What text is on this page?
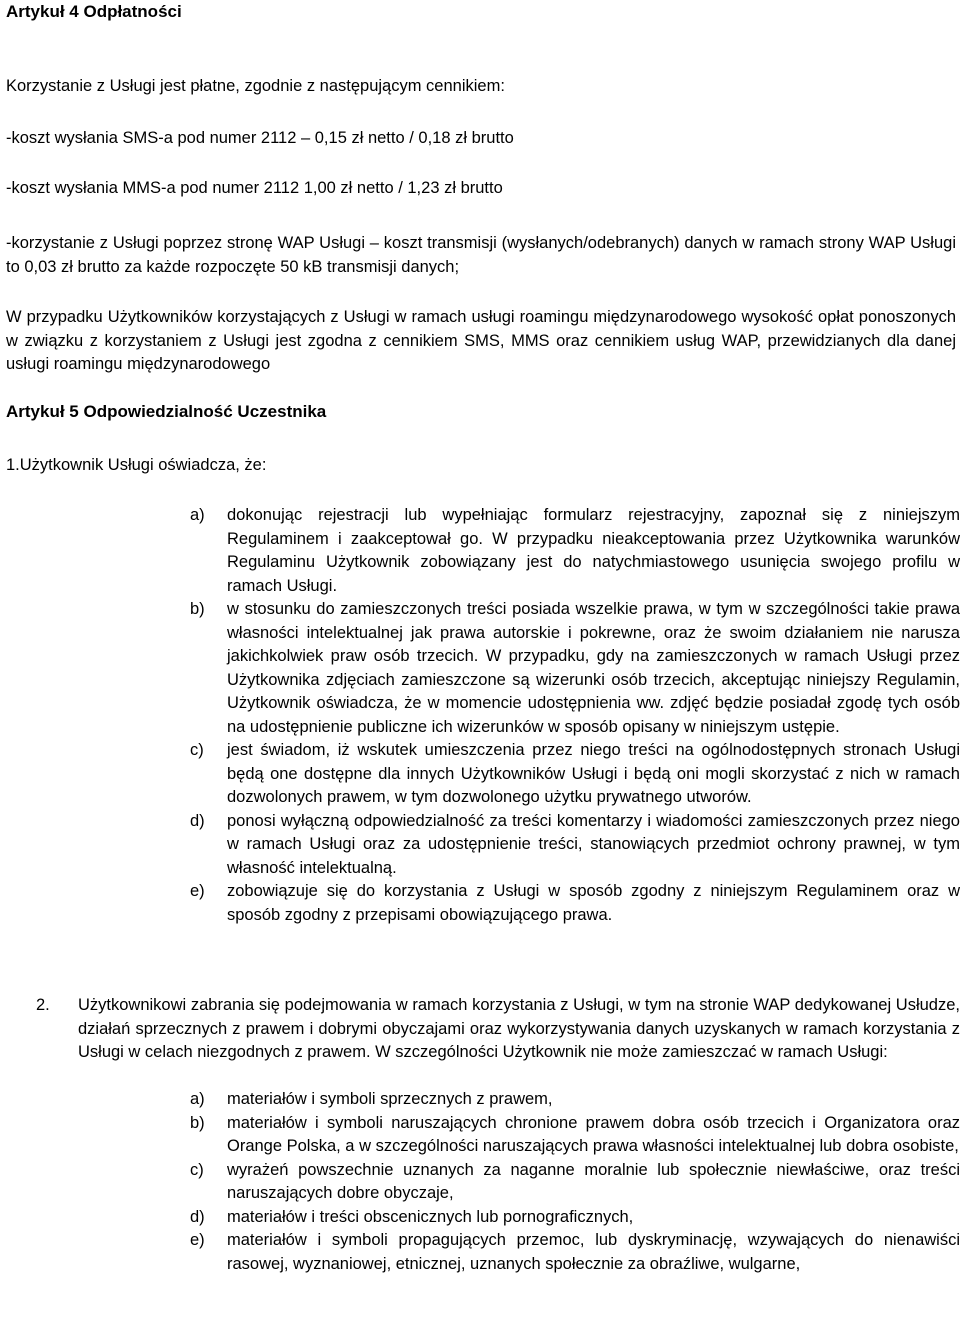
Artykuł 4 Odpłatności

Korzystanie z Usługi jest płatne, zgodnie z następującym cennikiem:

-koszt wysłania SMS-a pod numer 2112 – 0,15 zł netto / 0,18 zł brutto

-koszt wysłania MMS-a pod numer 2112 1,00 zł netto / 1,23 zł brutto

-korzystanie z Usługi poprzez stronę WAP Usługi – koszt transmisji (wysłanych/odebranych) danych w ramach strony WAP Usługi to 0,03 zł brutto za każde rozpoczęte 50 kB transmisji danych;

W przypadku Użytkowników korzystających z Usługi w ramach usługi roamingu międzynarodowego wysokość opłat ponoszonych w związku z korzystaniem z Usługi jest zgodna z cennikiem SMS, MMS oraz cennikiem usług WAP, przewidzianych dla danej usługi roamingu międzynarodowego

Artykuł 5 Odpowiedzialność Uczestnika

1.Użytkownik Usługi oświadcza, że:

a) dokonując rejestracji lub wypełniając formularz rejestracyjny, zapoznał się z niniejszym Regulaminem i zaakceptował go. W przypadku nieakceptowania przez Użytkownika warunków Regulaminu Użytkownik zobowiązany jest do natychmiastowego usunięcia swojego profilu w ramach Usługi.

b) w stosunku do zamieszczonych treści posiada wszelkie prawa, w tym w szczególności takie prawa własności intelektualnej jak prawa autorskie i pokrewne, oraz że swoim działaniem nie narusza jakichkolwiek praw osób trzecich. W przypadku, gdy na zamieszczonych w ramach Usługi przez Użytkownika zdjęciach zamieszczone są wizerunki osób trzecich, akceptując niniejszy Regulamin, Użytkownik oświadcza, że w momencie udostępnienia ww. zdjęć będzie posiadał zgodę tych osób na udostępnienie publiczne ich wizerunków w sposób opisany w niniejszym ustępie.

c) jest świadom, iż wskutek umieszczenia przez niego treści na ogólnodostępnych stronach Usługi będą one dostępne dla innych Użytkowników Usługi i będą oni mogli skorzystać z nich w ramach dozwolonych prawem, w tym dozwolonego użytku prywatnego utworów.

d) ponosi wyłączną odpowiedzialność za treści komentarzy i wiadomości zamieszczonych przez niego w ramach Usługi oraz za udostępnienie treści, stanowiących przedmiot ochrony prawnej, w tym własność intelektualną.

e) zobowiązuje się do korzystania z Usługi w sposób zgodny z niniejszym Regulaminem oraz w sposób zgodny z przepisami obowiązującego prawa.

2. Użytkownikowi zabrania się podejmowania w ramach korzystania z Usługi, w tym na stronie WAP dedykowanej Usłudze, działań sprzecznych z prawem i dobrymi obyczajami oraz wykorzystywania danych uzyskanych w ramach korzystania z Usługi w celach niezgodnych z prawem. W szczególności Użytkownik nie może zamieszczać w ramach Usługi:

a) materiałów i symboli sprzecznych z prawem,

b) materiałów i symboli naruszających chronione prawem dobra osób trzecich i Organizatora oraz Orange Polska, a w szczególności naruszających prawa własności intelektualnej lub dobra osobiste,

c) wyrażeń powszechnie uznanych za naganne moralnie lub społecznie niewłaściwe, oraz treści naruszających dobre obyczaje,

d) materiałów i treści obscenicznych lub pornograficznych,

e) materiałów i symboli propagujących przemoc, lub dyskryminację, wzywających do nienawiści rasowej, wyznaniowej, etnicznej, uznanych społecznie za obraźliwe, wulgarne,
